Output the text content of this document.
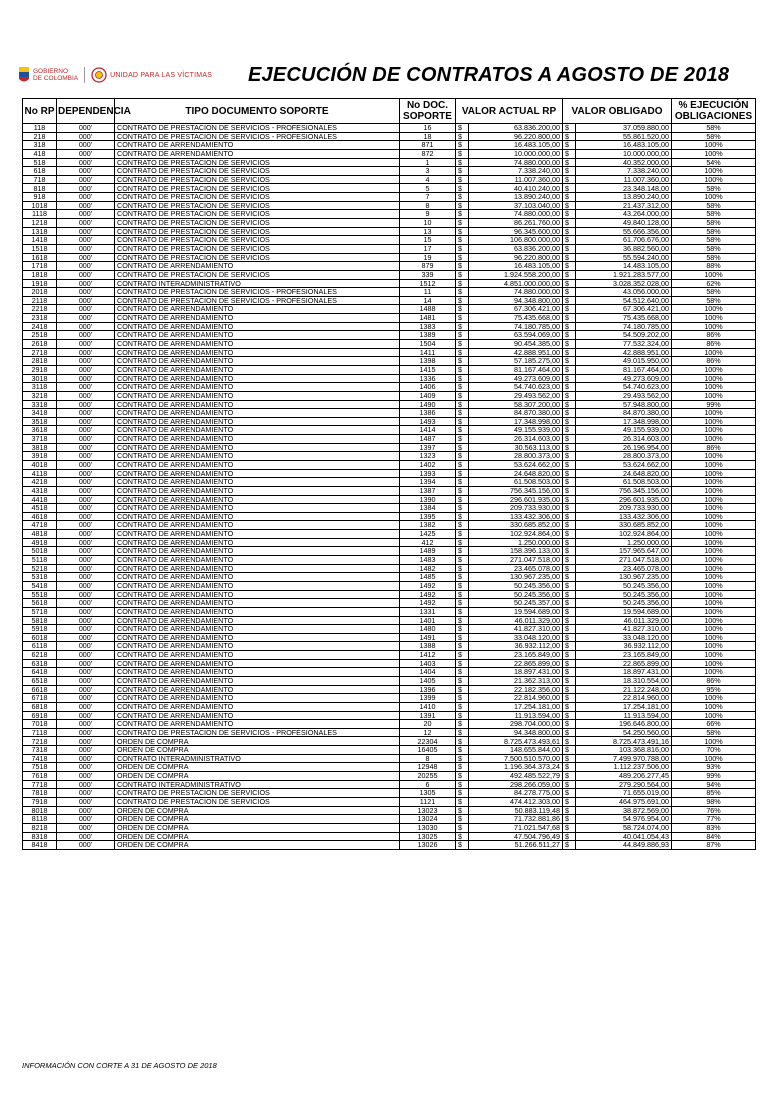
GOBIERNO
DE COLOMBIA	UNIDAD PARA LAS VÍCTIMAS EJECUCIÓN DE CONTRATOS A AGOSTO DE 2018
No RP	DEPENDENCIA	TIPO DOCUMENTO SOPORTE	No DOC. SOPORTE	VALOR ACTUAL RP		VALOR OBLIGADO		% EJECUCIÓN OBLIGACIONES
118	000'	CONTRATO DE PRESTACION DE SERVICIOS - PROFESIONALES	16	$	63.836.200,00	$	37.059.880,00	58%
218	000'	CONTRATO DE PRESTACION DE SERVICIOS - PROFESIONALES	18	$	96.220.800,00	$	55.861.520,00	58%
318	000'	CONTRATO DE ARRENDAMIENTO	871	$	16.483.105,00	$	16.483.105,00	100%
418	000'	CONTRATO DE ARRENDAMIENTO	872	$	10.000.000,00	$	10.000.000,00	100%
518	000'	CONTRATO DE PRESTACION DE SERVICIOS	1	$	74.880.000,00	$	40.352.000,00	54%
618	000'	CONTRATO DE PRESTACION DE SERVICIOS	3	$	7.338.240,00	$	7.338.240,00	100%
718	000'	CONTRATO DE PRESTACION DE SERVICIOS	4	$	11.007.360,00	$	11.007.360,00	100%
818	000'	CONTRATO DE PRESTACION DE SERVICIOS	5	$	40.410.240,00	$	23.348.148,00	58%
918	000'	CONTRATO DE PRESTACION DE SERVICIOS	7	$	13.890.240,00	$	13.890.240,00	100%
1018	000'	CONTRATO DE PRESTACION DE SERVICIOS	8	$	37.103.040,00	$	21.437.312,00	58%
1118	000'	CONTRATO DE PRESTACION DE SERVICIOS	9	$	74.880.000,00	$	43.264.000,00	58%
1218	000'	CONTRATO DE PRESTACION DE SERVICIOS	10	$	86.261.760,00	$	49.840.128,00	58%
1318	000'	CONTRATO DE PRESTACION DE SERVICIOS	13	$	96.345.600,00	$	55.666.356,00	58%
1418	000'	CONTRATO DE PRESTACION DE SERVICIOS	15	$	106.800.000,00	$	61.706.676,00	58%
1518	000'	CONTRATO DE PRESTACION DE SERVICIOS	17	$	63.836.200,00	$	36.882.560,00	58%
1618	000'	CONTRATO DE PRESTACION DE SERVICIOS	19	$	96.220.800,00	$	55.594.240,00	58%
1718	000'	CONTRATO DE ARRENDAMIENTO	879	$	16.483.105,00	$	14.483.105,00	88%
1818	000'	CONTRATO DE PRESTACION DE SERVICIOS	339	$	1.924.558.200,00	$	1.921.283.577,00	100%
1918	000'	CONTRATO INTERADMINISTRATIVO	1512	$	4.851.000.000,00	$	3.028.352.028,00	62%
2018	000'	CONTRATO DE PRESTACION DE SERVICIOS - PROFESIONALES	11	$	74.880.000,00	$	43.056.000,00	58%
2118	000'	CONTRATO DE PRESTACION DE SERVICIOS - PROFESIONALES	14	$	94.348.800,00	$	54.512.640,00	58%
2218	000'	CONTRATO DE ARRENDAMIENTO	1488	$	67.306.421,00	$	67.306.421,00	100%
2318	000'	CONTRATO DE ARRENDAMIENTO	1481	$	75.435.668,00	$	75.435.668,00	100%
2418	000'	CONTRATO DE ARRENDAMIENTO	1383	$	74.180.785,00	$	74.180.785,00	100%
2518	000'	CONTRATO DE ARRENDAMIENTO	1389	$	63.594.069,00	$	54.509.202,00	86%
2618	000'	CONTRATO DE ARRENDAMIENTO	1504	$	90.454.385,00	$	77.532.324,00	86%
2718	000'	CONTRATO DE ARRENDAMIENTO	1411	$	42.888.951,00	$	42.888.951,00	100%
2818	000'	CONTRATO DE ARRENDAMIENTO	1398	$	57.185.275,00	$	49.015.950,00	86%
2918	000'	CONTRATO DE ARRENDAMIENTO	1415	$	81.167.464,00	$	81.167.464,00	100%
3018	000'	CONTRATO DE ARRENDAMIENTO	1336	$	49.273.609,00	$	49.273.609,00	100%
3118	000'	CONTRATO DE ARRENDAMIENTO	1406	$	54.740.623,00	$	54.740.623,00	100%
3218	000'	CONTRATO DE ARRENDAMIENTO	1409	$	29.493.562,00	$	29.493.562,00	100%
3318	000'	CONTRATO DE ARRENDAMIENTO	1490	$	58.307.200,00	$	57.948.800,00	99%
3418	000'	CONTRATO DE ARRENDAMIENTO	1386	$	84.870.380,00	$	84.870.380,00	100%
3518	000'	CONTRATO DE ARRENDAMIENTO	1493	$	17.348.998,00	$	17.348.998,00	100%
3618	000'	CONTRATO DE ARRENDAMIENTO	1414	$	49.155.939,00	$	49.155.939,00	100%
3718	000'	CONTRATO DE ARRENDAMIENTO	1487	$	26.314.603,00	$	26.314.603,00	100%
3818	000'	CONTRATO DE ARRENDAMIENTO	1397	$	30.563.113,00	$	26.196.954,00	86%
3918	000'	CONTRATO DE ARRENDAMIENTO	1323	$	28.800.373,00	$	28.800.373,00	100%
4018	000'	CONTRATO DE ARRENDAMIENTO	1402	$	53.624.662,00	$	53.624.662,00	100%
4118	000'	CONTRATO DE ARRENDAMIENTO	1393	$	24.648.820,00	$	24.648.820,00	100%
4218	000'	CONTRATO DE ARRENDAMIENTO	1394	$	61.508.503,00	$	61.508.503,00	100%
4318	000'	CONTRATO DE ARRENDAMIENTO	1387	$	756.345.156,00	$	756.345.156,00	100%
4418	000'	CONTRATO DE ARRENDAMIENTO	1390	$	296.601.935,00	$	296.601.935,00	100%
4518	000'	CONTRATO DE ARRENDAMIENTO	1384	$	209.733.930,00	$	209.733.930,00	100%
4618	000'	CONTRATO DE ARRENDAMIENTO	1395	$	133.432.306,00	$	133.432.306,00	100%
4718	000'	CONTRATO DE ARRENDAMIENTO	1382	$	330.685.852,00	$	330.685.852,00	100%
4818	000'	CONTRATO DE ARRENDAMIENTO	1425	$	102.924.864,00	$	102.924.864,00	100%
4918	000'	CONTRATO DE ARRENDAMIENTO	412	$	1.250.000,00	$	1.250.000,00	100%
5018	000'	CONTRATO DE ARRENDAMIENTO	1489	$	158.396.133,00	$	157.965.647,00	100%
5118	000'	CONTRATO DE ARRENDAMIENTO	1483	$	271.047.518,00	$	271.047.518,00	100%
5218	000'	CONTRATO DE ARRENDAMIENTO	1482	$	23.465.078,00	$	23.465.078,00	100%
5318	000'	CONTRATO DE ARRENDAMIENTO	1485	$	130.967.235,00	$	130.967.235,00	100%
5418	000'	CONTRATO DE ARRENDAMIENTO	1492	$	50.245.356,00	$	50.245.356,00	100%
5518	000'	CONTRATO DE ARRENDAMIENTO	1492	$	50.245.356,00	$	50.245.356,00	100%
5618	000'	CONTRATO DE ARRENDAMIENTO	1492	$	50.245.357,00	$	50.245.356,00	100%
5718	000'	CONTRATO DE ARRENDAMIENTO	1331	$	19.594.689,00	$	19.594.689,00	100%
5818	000'	CONTRATO DE ARRENDAMIENTO	1401	$	46.011.329,00	$	46.011.329,00	100%
5918	000'	CONTRATO DE ARRENDAMIENTO	1480	$	41.827.310,00	$	41.827.310,00	100%
6018	000'	CONTRATO DE ARRENDAMIENTO	1491	$	33.048.120,00	$	33.048.120,00	100%
6118	000'	CONTRATO DE ARRENDAMIENTO	1388	$	36.932.112,00	$	36.932.112,00	100%
6218	000'	CONTRATO DE ARRENDAMIENTO	1412	$	23.165.849,00	$	23.165.849,00	100%
6318	000'	CONTRATO DE ARRENDAMIENTO	1403	$	22.865.899,00	$	22.865.899,00	100%
6418	000'	CONTRATO DE ARRENDAMIENTO	1404	$	18.897.431,00	$	18.897.431,00	100%
6518	000'	CONTRATO DE ARRENDAMIENTO	1405	$	21.362.313,00	$	18.310.554,00	86%
6618	000'	CONTRATO DE ARRENDAMIENTO	1396	$	22.182.356,00	$	21.122.248,00	95%
6718	000'	CONTRATO DE ARRENDAMIENTO	1399	$	22.814.960,00	$	22.814.960,00	100%
6818	000'	CONTRATO DE ARRENDAMIENTO	1410	$	17.254.181,00	$	17.254.181,00	100%
6918	000'	CONTRATO DE ARRENDAMIENTO	1391	$	11.913.594,00	$	11.913.594,00	100%
7018	000'	CONTRATO DE ARRENDAMIENTO	20	$	298.704.000,00	$	196.646.800,00	66%
7118	000'	CONTRATO DE PRESTACION DE SERVICIOS - PROFESIONALES	12	$	94.348.800,00	$	54.250.560,00	58%
7218	000'	ORDEN DE COMPRA	22304	$	8.725.473.493,61	$	8.725.473.491,16	100%
7318	000'	ORDEN DE COMPRA	16405	$	148.655.844,00	$	103.368.816,00	70%
7418	000'	CONTRATO INTERADMINISTRATIVO	8	$	7.500.510.570,00	$	7.499.970.788,00	100%
7518	000'	ORDEN DE COMPRA	12948	$	1.196.364.373,24	$	1.112.237.506,00	93%
7618	000'	ORDEN DE COMPRA	20255	$	492.485.522,79	$	489.206.277,45	99%
7718	000'	CONTRATO INTERADMINISTRATIVO	6	$	298.266.059,00	$	279.290.564,00	94%
7818	000'	CONTRATO DE PRESTACION DE SERVICIOS	1305	$	84.278.775,00	$	71.655.019,00	85%
7918	000'	CONTRATO DE PRESTACION DE SERVICIOS	1121	$	474.412.303,00	$	464.975.691,00	98%
8018	000'	ORDEN DE COMPRA	13023	$	50.883.119,48	$	38.872.569,00	76%
8118	000'	ORDEN DE COMPRA	13024	$	71.732.881,86	$	54.976.954,00	77%
8218	000'	ORDEN DE COMPRA	13030	$	71.021.547,68	$	58.724.074,00	83%
8318	000'	ORDEN DE COMPRA	13025	$	47.504.796,49	$	40.041.054,43	84%
8418	000'	ORDEN DE COMPRA	13026	$	51.266.511,27	$	44.849.886,93	87%
INFORMACIÓN CON CORTE A 31 DE AGOSTO DE 2018
